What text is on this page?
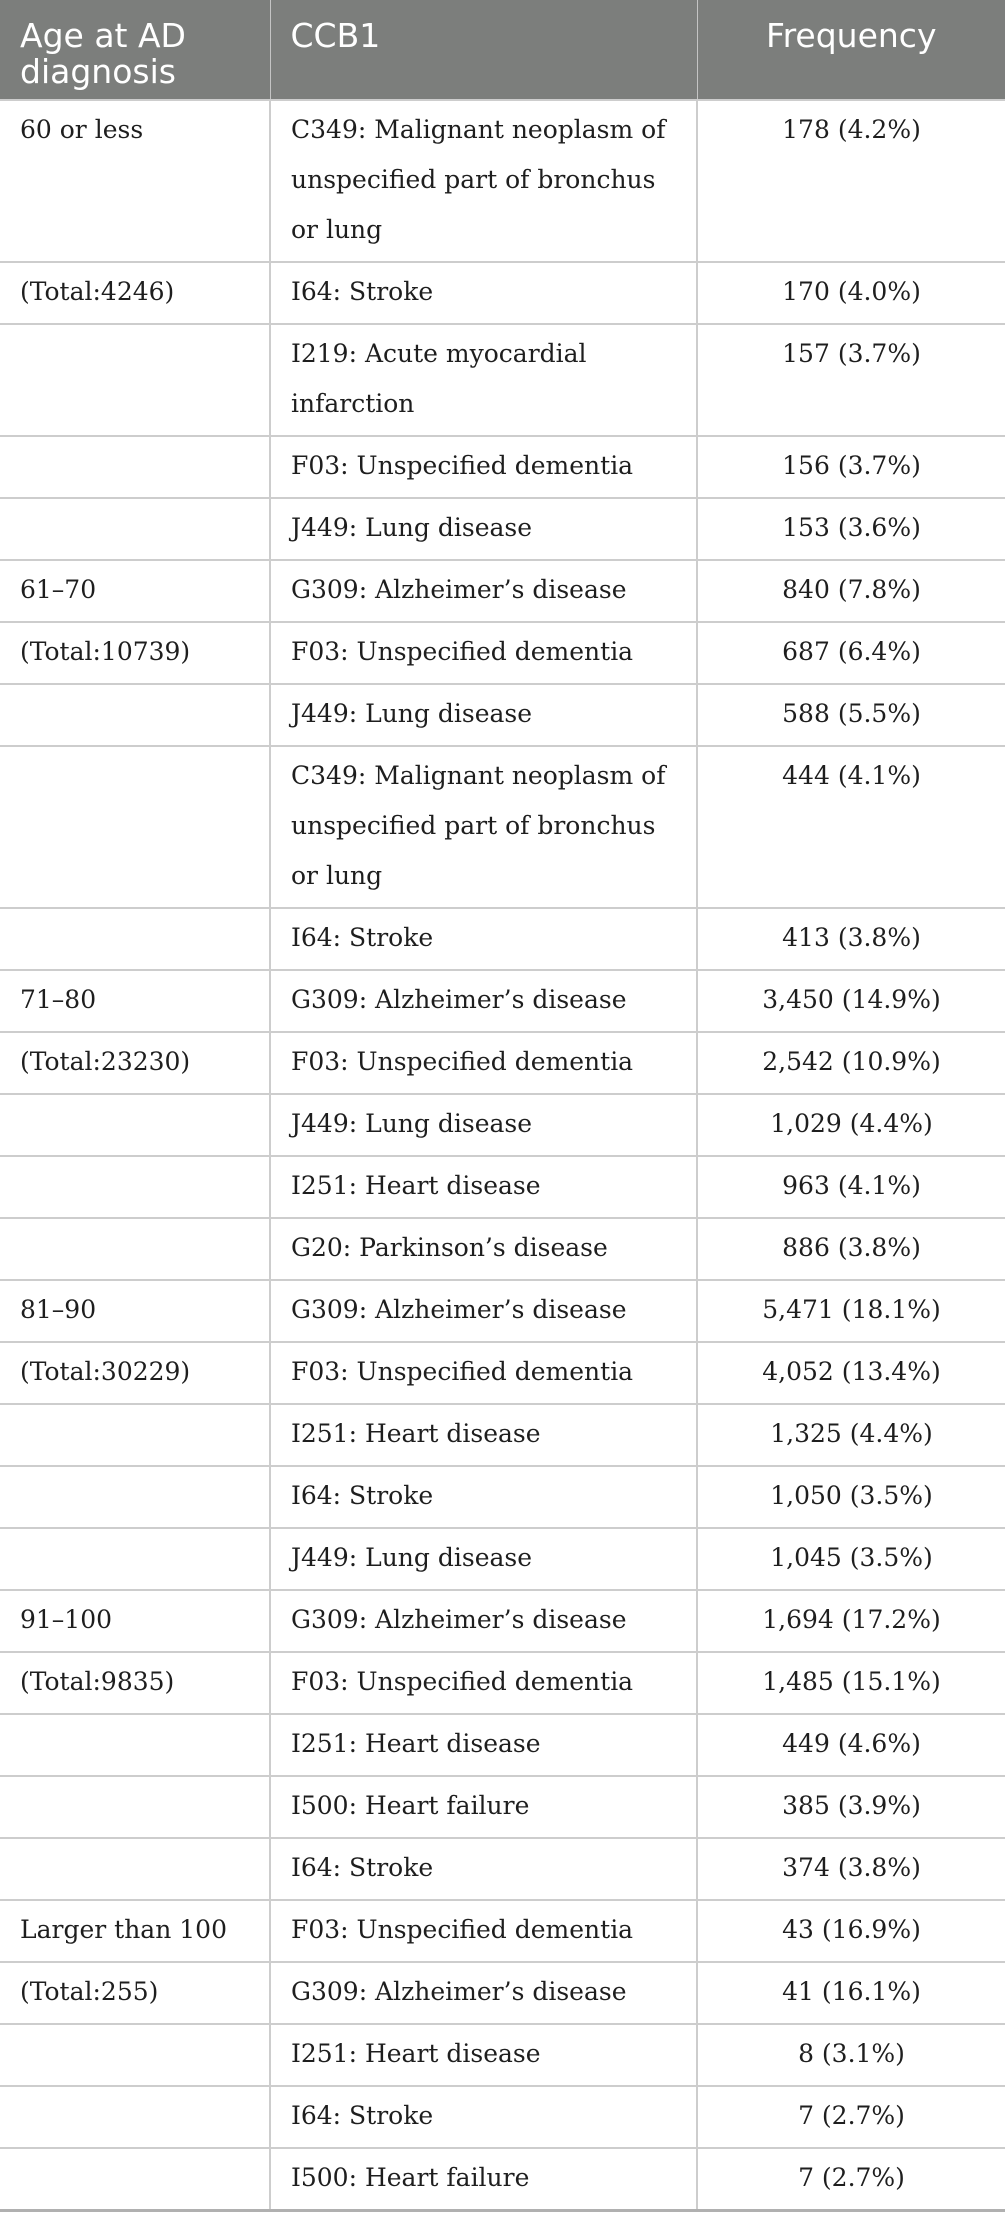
Age at AD diagnosis	CCB1	Frequency
60 or less	C349: Malignant neoplasm of unspecified part of bronchus or lung	178 (4.2%)
(Total:4246)	I64: Stroke	170 (4.0%)
	I219: Acute myocardial infarction	157 (3.7%)
	F03: Unspecified dementia	156 (3.7%)
	J449: Lung disease	153 (3.6%)
61–70	G309: Alzheimer’s disease	840 (7.8%)
(Total:10739)	F03: Unspecified dementia	687 (6.4%)
	J449: Lung disease	588 (5.5%)
	C349: Malignant neoplasm of unspecified part of bronchus or lung	444 (4.1%)
	I64: Stroke	413 (3.8%)
71–80	G309: Alzheimer’s disease	3,450 (14.9%)
(Total:23230)	F03: Unspecified dementia	2,542 (10.9%)
	J449: Lung disease	1,029 (4.4%)
	I251: Heart disease	963 (4.1%)
	G20: Parkinson’s disease	886 (3.8%)
81–90	G309: Alzheimer’s disease	5,471 (18.1%)
(Total:30229)	F03: Unspecified dementia	4,052 (13.4%)
	I251: Heart disease	1,325 (4.4%)
	I64: Stroke	1,050 (3.5%)
	J449: Lung disease	1,045 (3.5%)
91–100	G309: Alzheimer’s disease	1,694 (17.2%)
(Total:9835)	F03: Unspecified dementia	1,485 (15.1%)
	I251: Heart disease	449 (4.6%)
	I500: Heart failure	385 (3.9%)
	I64: Stroke	374 (3.8%)
Larger than 100	F03: Unspecified dementia	43 (16.9%)
(Total:255)	G309: Alzheimer’s disease	41 (16.1%)
	I251: Heart disease	8 (3.1%)
	I64: Stroke	7 (2.7%)
	I500: Heart failure	7 (2.7%)
